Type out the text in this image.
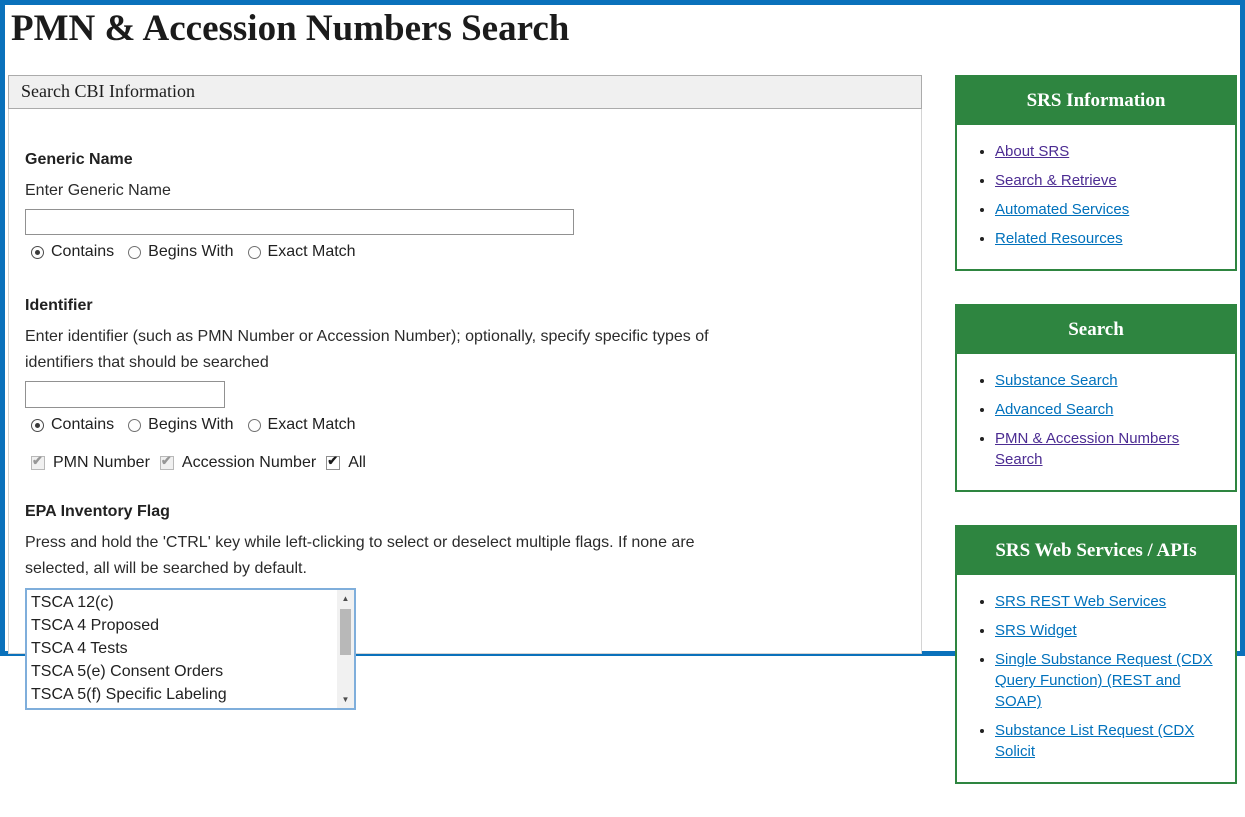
PMN & Accession Numbers Search
Search CBI Information
Generic Name
Enter Generic Name
Contains Begins With Exact Match
Identifier
Enter identifier (such as PMN Number or Accession Number); optionally, specify specific types of identifiers that should be searched
Contains Begins With Exact Match
✔ PMN Number ✔ Accession Number ✔ All
EPA Inventory Flag
Press and hold the 'CTRL' key while left-clicking to select or deselect multiple flags. If none are selected, all will be searched by default.
TSCA 12(c)
TSCA 4 Proposed
TSCA 4 Tests
TSCA 5(e) Consent Orders
TSCA 5(f) Specific Labeling
▲
▼
SRS Information
• About SRS
• Search & Retrieve
• Automated Services
• Related Resources
Search
• Substance Search
• Advanced Search
• PMN & Accession Numbers Search
SRS Web Services / APIs
• SRS REST Web Services
• SRS Widget
• Single Substance Request (CDX Query Function) (REST and SOAP)
• Substance List Request (CDX Solicit
